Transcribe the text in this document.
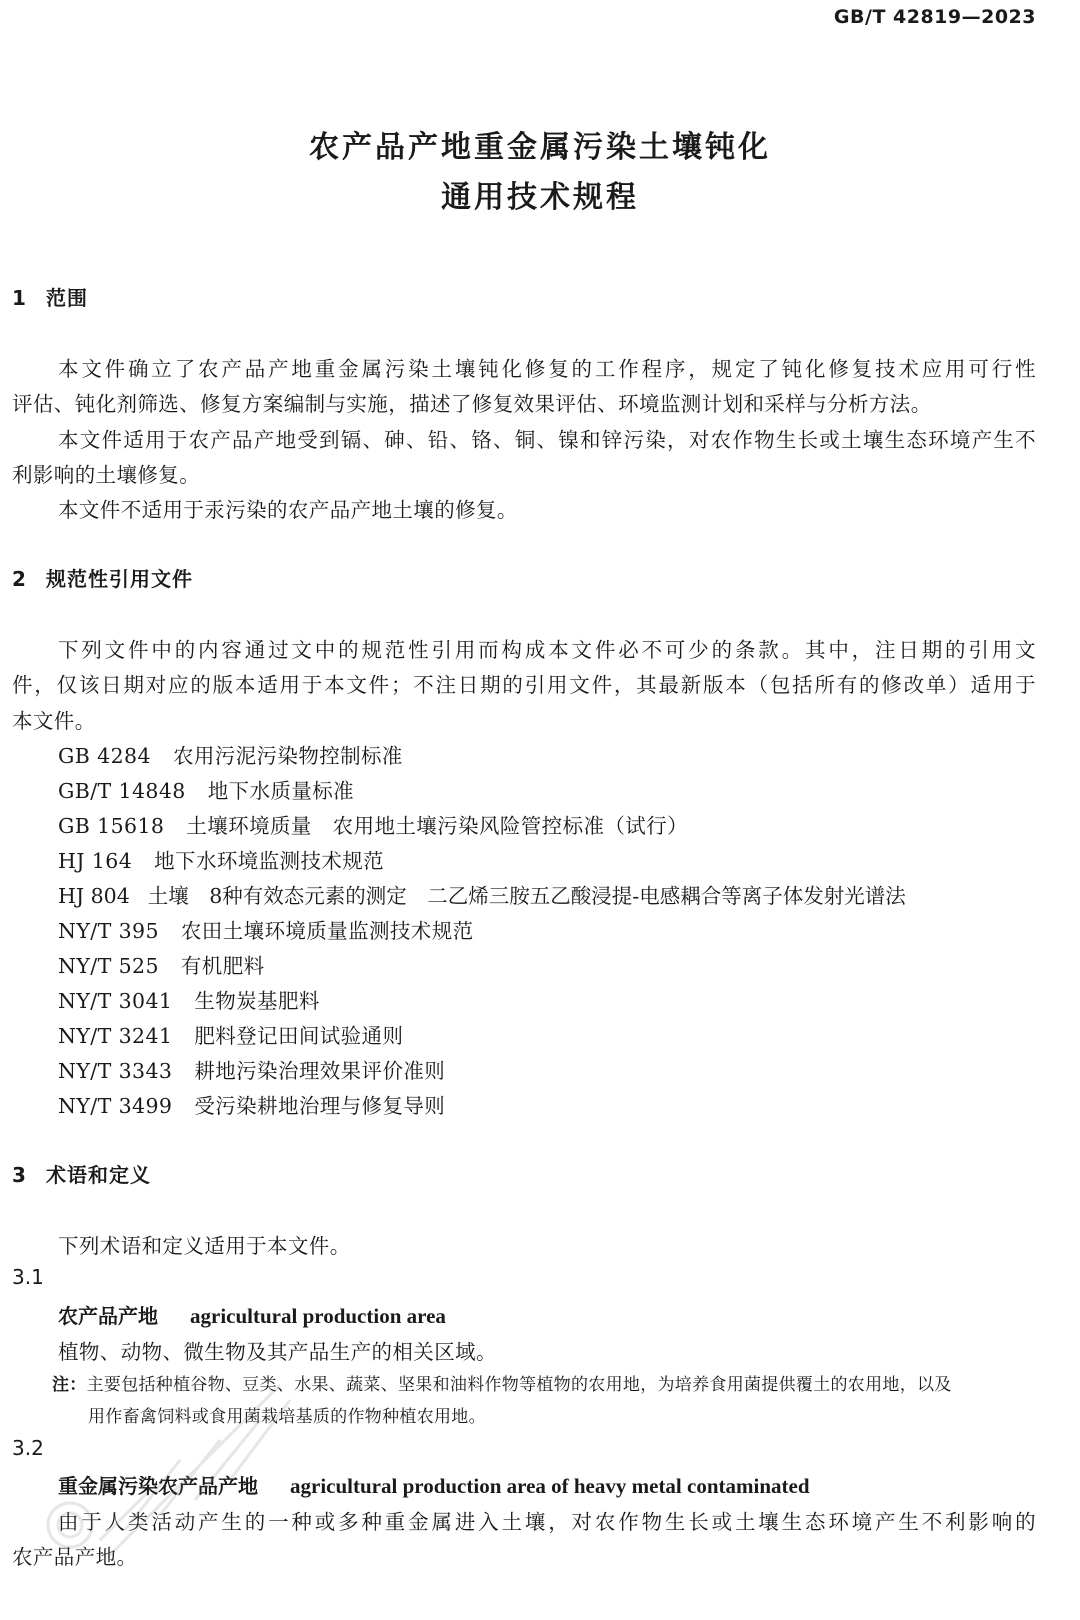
GB/T 42819—2023
农产品产地重金属污染土壤钝化
通用技术规程
1 范围
本文件确立了农产品产地重金属污染土壤钝化修复的工作程序，规定了钝化修复技术应用可行性
评估、钝化剂筛选、修复方案编制与实施，描述了修复效果评估、环境监测计划和采样与分析方法。
本文件适用于农产品产地受到镉、砷、铅、铬、铜、镍和锌污染，对农作物生长或土壤生态环境产生不
利影响的土壤修复。
本文件不适用于汞污染的农产品产地土壤的修复。
2 规范性引用文件
下列文件中的内容通过文中的规范性引用而构成本文件必不可少的条款。其中，注日期的引用文
件，仅该日期对应的版本适用于本文件；不注日期的引用文件，其最新版本（包括所有的修改单）适用于
本文件。
GB 4284 农用污泥污染物控制标准
GB/T 14848 地下水质量标准
GB 15618 土壤环境质量　农用地土壤污染风险管控标准（试行）
HJ 164 地下水环境监测技术规范
HJ 804 土壤　8种有效态元素的测定　二乙烯三胺五乙酸浸提-电感耦合等离子体发射光谱法
NY/T 395 农田土壤环境质量监测技术规范
NY/T 525 有机肥料
NY/T 3041 生物炭基肥料
NY/T 3241 肥料登记田间试验通则
NY/T 3343 耕地污染治理效果评价准则
NY/T 3499 受污染耕地治理与修复导则
3 术语和定义
下列术语和定义适用于本文件。
3.1
农产品产地 agricultural production area
植物、动物、微生物及其产品生产的相关区域。
注：主要包括种植谷物、豆类、水果、蔬菜、坚果和油料作物等植物的农用地，为培养食用菌提供覆土的农用地，以及
用作畜禽饲料或食用菌栽培基质的作物种植农用地。
3.2
重金属污染农产品产地 agricultural production area of heavy metal contaminated
由于人类活动产生的一种或多种重金属进入土壤，对农作物生长或土壤生态环境产生不利影响的
农产品产地。
